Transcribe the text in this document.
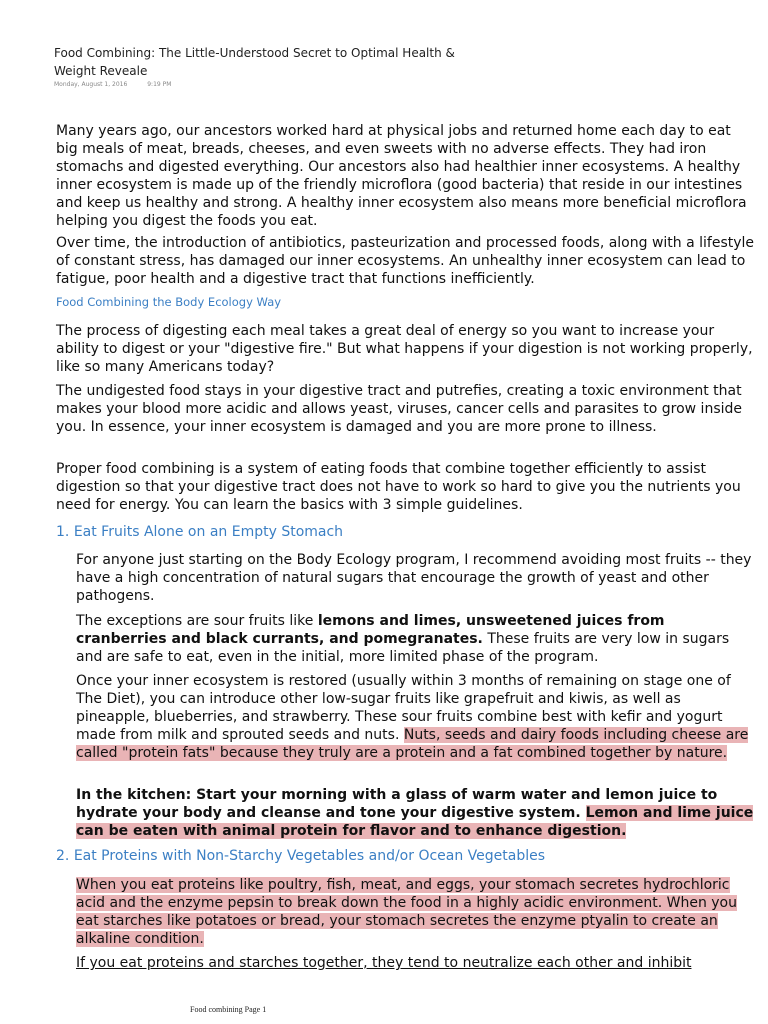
Food Combining: The Little-Understood Secret to Optimal Health & Weight Reveale
Monday, August 1, 2016	9:19 PM

Many years ago, our ancestors worked hard at physical jobs and returned home each day to eat big meals of meat, breads, cheeses, and even sweets with no adverse effects. They had iron stomachs and digested everything. Our ancestors also had healthier inner ecosystems. A healthy inner ecosystem is made up of the friendly microflora (good bacteria) that reside in our intestines and keep us healthy and strong. A healthy inner ecosystem also means more beneficial microflora helping you digest the foods you eat.

Over time, the introduction of antibiotics, pasteurization and processed foods, along with a lifestyle of constant stress, has damaged our inner ecosystems. An unhealthy inner ecosystem can lead to fatigue, poor health and a digestive tract that functions inefficiently.

Food Combining the Body Ecology Way

The process of digesting each meal takes a great deal of energy so you want to increase your ability to digest or your "digestive fire." But what happens if your digestion is not working properly, like so many Americans today?

The undigested food stays in your digestive tract and putrefies, creating a toxic environment that makes your blood more acidic and allows yeast, viruses, cancer cells and parasites to grow inside you. In essence, your inner ecosystem is damaged and you are more prone to illness.

Proper food combining is a system of eating foods that combine together efficiently to assist digestion so that your digestive tract does not have to work so hard to give you the nutrients you need for energy. You can learn the basics with 3 simple guidelines.

1. Eat Fruits Alone on an Empty Stomach

For anyone just starting on the Body Ecology program, I recommend avoiding most fruits -- they have a high concentration of natural sugars that encourage the growth of yeast and other pathogens.

The exceptions are sour fruits like lemons and limes, unsweetened juices from cranberries and black currants, and pomegranates. These fruits are very low in sugars and are safe to eat, even in the initial, more limited phase of the program.

Once your inner ecosystem is restored (usually within 3 months of remaining on stage one of The Diet), you can introduce other low-sugar fruits like grapefruit and kiwis, as well as pineapple, blueberries, and strawberry. These sour fruits combine best with kefir and yogurt made from milk and sprouted seeds and nuts. Nuts, seeds and dairy foods including cheese are called "protein fats" because they truly are a protein and a fat combined together by nature.

In the kitchen: Start your morning with a glass of warm water and lemon juice to hydrate your body and cleanse and tone your digestive system. Lemon and lime juice can be eaten with animal protein for flavor and to enhance digestion.

2. Eat Proteins with Non-Starchy Vegetables and/or Ocean Vegetables

When you eat proteins like poultry, fish, meat, and eggs, your stomach secretes hydrochloric acid and the enzyme pepsin to break down the food in a highly acidic environment. When you eat starches like potatoes or bread, your stomach secretes the enzyme ptyalin to create an alkaline condition.

If you eat proteins and starches together, they tend to neutralize each other and inhibit

Food combining Page 1
